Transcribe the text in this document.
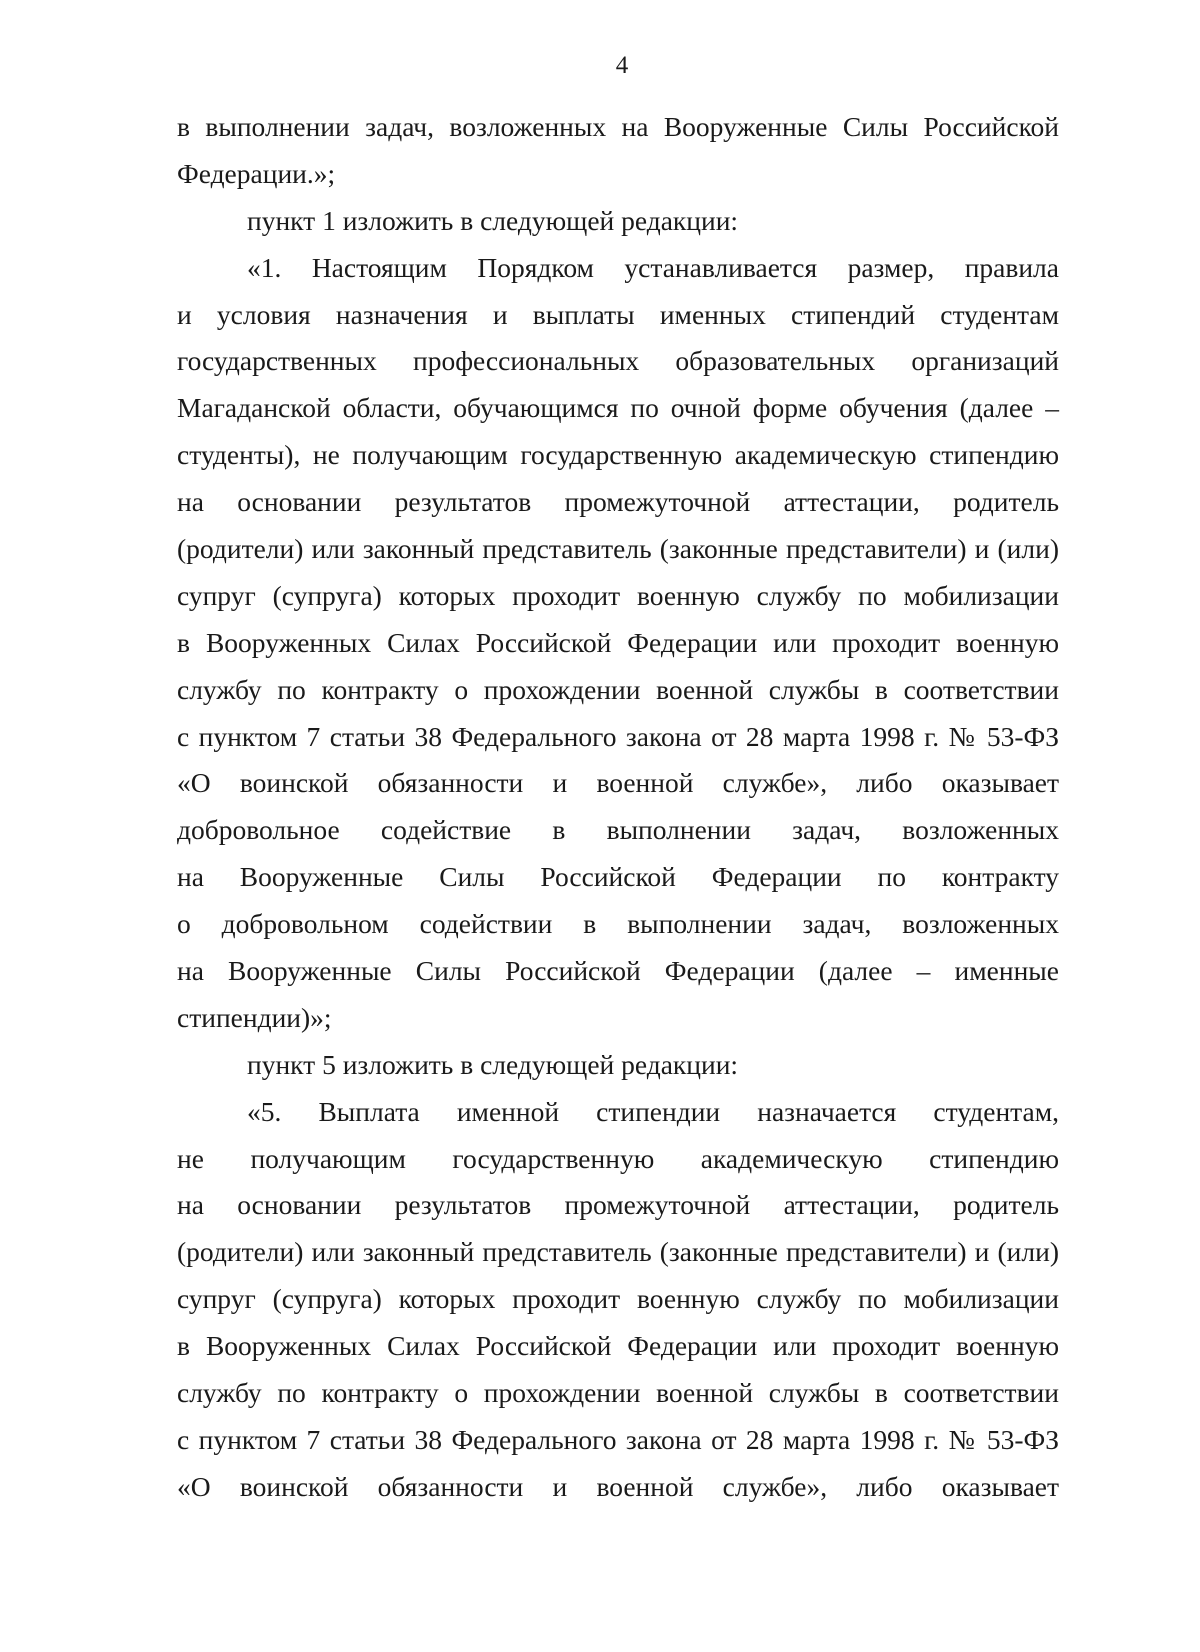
4
в выполнении задач, возложенных на Вооруженные Силы Российской
Федерации.»;
пункт 1 изложить в следующей редакции:
«1. Настоящим Порядком устанавливается размер, правила
и условия назначения и выплаты именных стипендий студентам
государственных профессиональных образовательных организаций
Магаданской области, обучающимся по очной форме обучения (далее –
студенты), не получающим государственную академическую стипендию
на основании результатов промежуточной аттестации, родитель
(родители) или законный представитель (законные представители) и (или)
супруг (супруга) которых проходит военную службу по мобилизации
в Вооруженных Силах Российской Федерации или проходит военную
службу по контракту о прохождении военной службы в соответствии
с пунктом 7 статьи 38 Федерального закона от 28 марта 1998 г. № 53-ФЗ
«О воинской обязанности и военной службе», либо оказывает
добровольное содействие в выполнении задач, возложенных
на Вооруженные Силы Российской Федерации по контракту
о добровольном содействии в выполнении задач, возложенных
на Вооруженные Силы Российской Федерации (далее – именные
стипендии)»;
пункт 5 изложить в следующей редакции:
«5. Выплата именной стипендии назначается студентам,
не получающим государственную академическую стипендию
на основании результатов промежуточной аттестации, родитель
(родители) или законный представитель (законные представители) и (или)
супруг (супруга) которых проходит военную службу по мобилизации
в Вооруженных Силах Российской Федерации или проходит военную
службу по контракту о прохождении военной службы в соответствии
с пунктом 7 статьи 38 Федерального закона от 28 марта 1998 г. № 53-ФЗ
«О воинской обязанности и военной службе», либо оказывает
